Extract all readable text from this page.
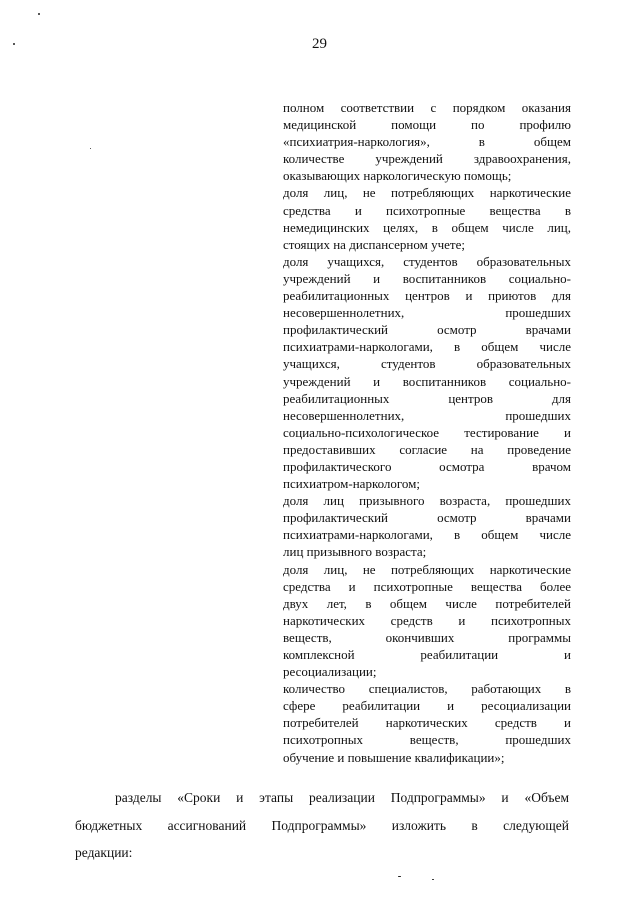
29
полном соответствии с порядком оказания
медицинской помощи по профилю
«психиатрия-наркология», в общем
количестве учреждений здравоохранения,
оказывающих наркологическую помощь;
доля лиц, не потребляющих наркотические
средства и психотропные вещества в
немедицинских целях, в общем числе лиц,
стоящих на диспансерном учете;
доля учащихся, студентов образовательных
учреждений и воспитанников социально-
реабилитационных центров и приютов для
несовершеннолетних, прошедших
профилактический осмотр врачами
психиатрами-наркологами, в общем числе
учащихся, студентов образовательных
учреждений и воспитанников социально-
реабилитационных центров для
несовершеннолетних, прошедших
социально-психологическое тестирование и
предоставивших согласие на проведение
профилактического осмотра врачом
психиатром-наркологом;
доля лиц призывного возраста, прошедших
профилактический осмотр врачами
психиатрами-наркологами, в общем числе
лиц призывного возраста;
доля лиц, не потребляющих наркотические
средства и психотропные вещества более
двух лет, в общем числе потребителей
наркотических средств и психотропных
веществ, окончивших программы
комплексной реабилитации и
ресоциализации;
количество специалистов, работающих в
сфере реабилитации и ресоциализации
потребителей наркотических средств и
психотропных веществ, прошедших
обучение и повышение квалификации»;
разделы «Сроки и этапы реализации Подпрограммы» и «Объем
бюджетных ассигнований Подпрограммы» изложить в следующей
редакции:
